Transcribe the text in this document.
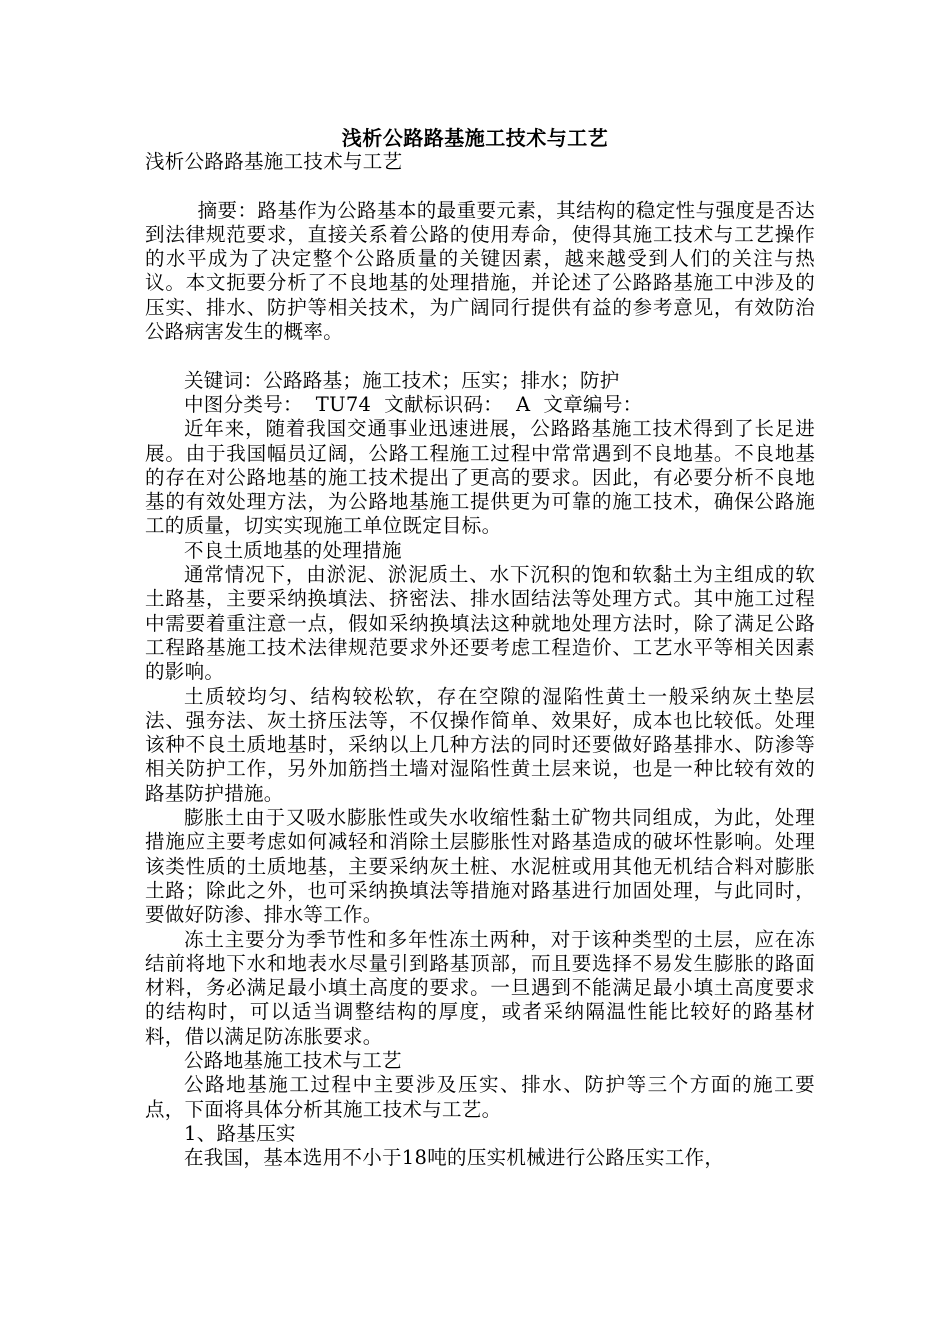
浅析公路路基施工技术与工艺

浅析公路路基施工技术与工艺

摘要：路基作为公路基本的最重要元素，其结构的稳定性与强度是否达到法律规范要求，直接关系着公路的使用寿命，使得其施工技术与工艺操作的水平成为了决定整个公路质量的关键因素，越来越受到人们的关注与热议。本文扼要分析了不良地基的处理措施，并论述了公路路基施工中涉及的压实、排水、防护等相关技术，为广阔同行提供有益的参考意见，有效防治公路病害发生的概率。

关键词：公路路基；施工技术；压实；排水；防护

中图分类号：  TU74  文献标识码：  A  文章编号：

近年来，随着我国交通事业迅速进展，公路路基施工技术得到了长足进展。由于我国幅员辽阔，公路工程施工过程中常常遇到不良地基。不良地基的存在对公路地基的施工技术提出了更高的要求。因此，有必要分析不良地基的有效处理方法，为公路地基施工提供更为可靠的施工技术，确保公路施工的质量，切实实现施工单位既定目标。

不良土质地基的处理措施

通常情况下，由淤泥、淤泥质土、水下沉积的饱和软黏土为主组成的软土路基，主要采纳换填法、挤密法、排水固结法等处理方式。其中施工过程中需要着重注意一点，假如采纳换填法这种就地处理方法时，除了满足公路工程路基施工技术法律规范要求外还要考虑工程造价、工艺水平等相关因素的影响。

土质较均匀、结构较松软，存在空隙的湿陷性黄土一般采纳灰土垫层法、强夯法、灰土挤压法等，不仅操作简单、效果好，成本也比较低。处理该种不良土质地基时，采纳以上几种方法的同时还要做好路基排水、防渗等相关防护工作，另外加筋挡土墙对湿陷性黄土层来说，也是一种比较有效的路基防护措施。

膨胀土由于又吸水膨胀性或失水收缩性黏土矿物共同组成，为此，处理措施应主要考虑如何减轻和消除土层膨胀性对路基造成的破坏性影响。处理该类性质的土质地基，主要采纳灰土桩、水泥桩或用其他无机结合料对膨胀土路；除此之外，也可采纳换填法等措施对路基进行加固处理，与此同时，要做好防渗、排水等工作。

冻土主要分为季节性和多年性冻土两种，对于该种类型的土层，应在冻结前将地下水和地表水尽量引到路基顶部，而且要选择不易发生膨胀的路面材料，务必满足最小填土高度的要求。一旦遇到不能满足最小填土高度要求的结构时，可以适当调整结构的厚度，或者采纳隔温性能比较好的路基材料，借以满足防冻胀要求。

公路地基施工技术与工艺

公路地基施工过程中主要涉及压实、排水、防护等三个方面的施工要点，下面将具体分析其施工技术与工艺。

1、路基压实

在我国，基本选用不小于18吨的压实机械进行公路压实工作，
